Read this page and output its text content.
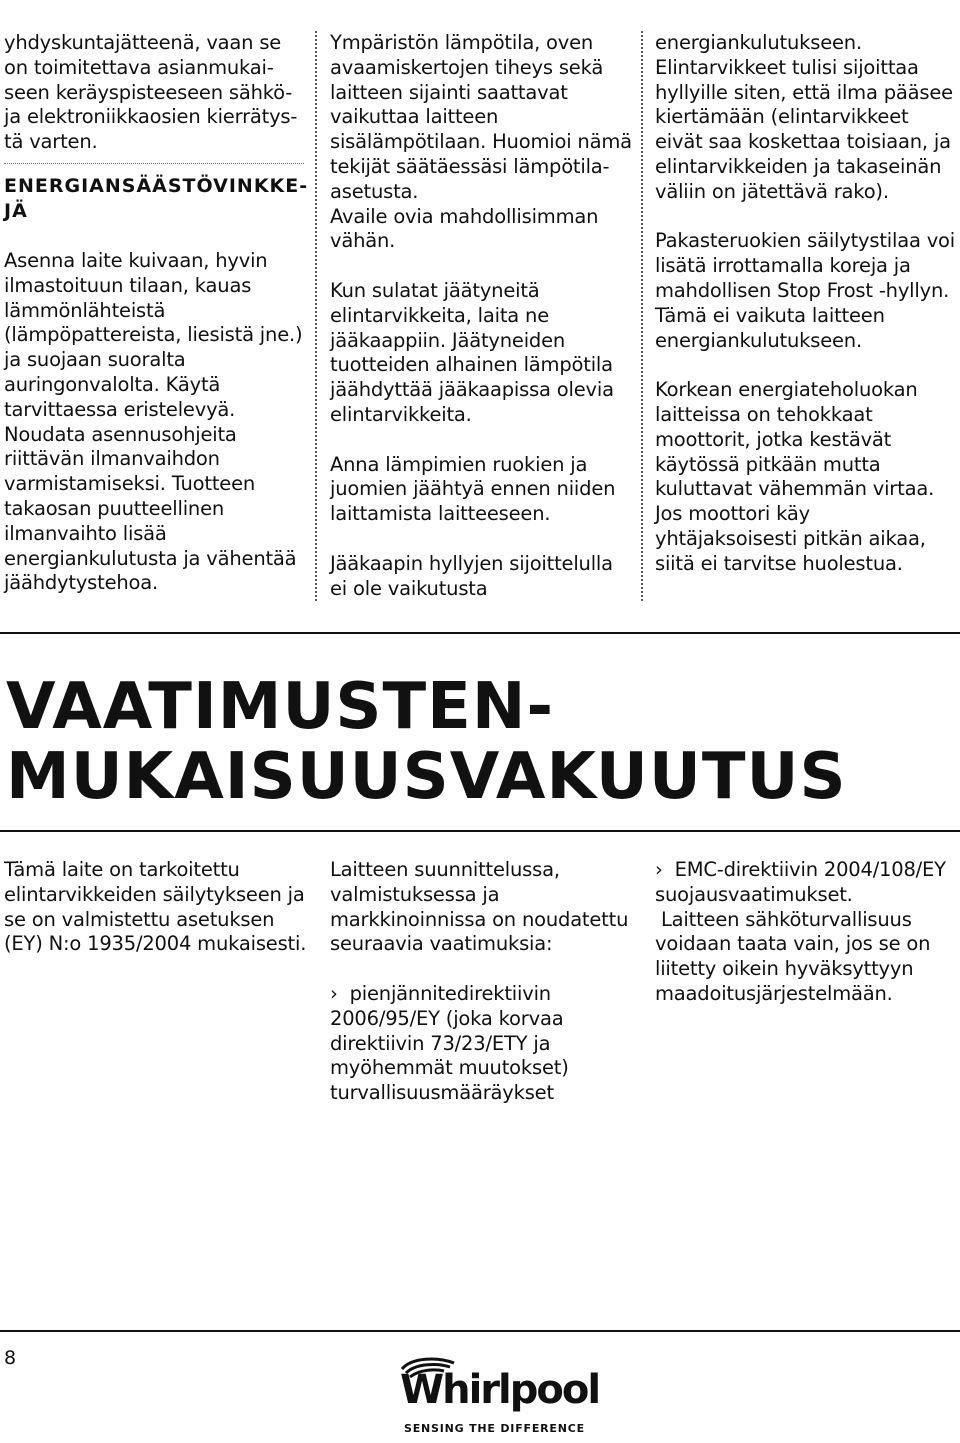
yhdyskuntajätteenä, vaan se
on toimitettava asianmukai-
seen keräyspisteeseen sähkö-
ja elektroniikkaosien kierrätys-
tä varten.
ENERGIANSÄÄSTÖVINKKE-
JÄ
Asenna laite kuivaan, hyvin
ilmastoituun tilaan, kauas
lämmönlähteistä
(lämpöpattereista, liesistä jne.)
ja suojaan suoralta
auringonvalolta. Käytä
tarvittaessa eristelevyä.
Noudata asennusohjeita
riittävän ilmanvaihdon
varmistamiseksi. Tuotteen
takaosan puutteellinen
ilmanvaihto lisää
energiankulutusta ja vähentää
jäähdytystehoa.
Ympäristön lämpötila, oven
avaamiskertojen tiheys sekä
laitteen sijainti saattavat
vaikuttaa laitteen
sisälämpötilaan. Huomioi nämä
tekijät säätäessäsi lämpötila-
asetusta.
Availe ovia mahdollisimman
vähän.
Kun sulatat jäätyneitä
elintarvikkeita, laita ne
jääkaappiin. Jäätyneiden
tuotteiden alhainen lämpötila
jäähdyttää jääkaapissa olevia
elintarvikkeita.
Anna lämpimien ruokien ja
juomien jäähtyä ennen niiden
laittamista laitteeseen.
Jääkaapin hyllyjen sijoittelulla
ei ole vaikutusta
energiankulutukseen.
Elintarvikkeet tulisi sijoittaa
hyllyille siten, että ilma pääsee
kiertämään (elintarvikkeet
eivät saa koskettaa toisiaan, ja
elintarvikkeiden ja takaseinän
väliin on jätettävä rako).
Pakasteruokien säilytystilaa voi
lisätä irrottamalla koreja ja
mahdollisen Stop Frost -hyllyn.
Tämä ei vaikuta laitteen
energiankulutukseen.
Korkean energiateholuokan
laitteissa on tehokkaat
moottorit, jotka kestävät
käytössä pitkään mutta
kuluttavat vähemmän virtaa.
Jos moottori käy
yhtäjaksoisesti pitkän aikaa,
siitä ei tarvitse huolestua.
VAATIMUSTEN-
MUKAISUUSVAKUUTUS
Tämä laite on tarkoitettu
elintarvikkeiden säilytykseen ja
se on valmistettu asetuksen
(EY) N:o 1935/2004 mukaisesti.
Laitteen suunnittelussa,
valmistuksessa ja
markkinoinnissa on noudatettu
seuraavia vaatimuksia:
›  pienjännitedirektiivin
2006/95/EY (joka korvaa
direktiivin 73/23/ETY ja
myöhemmät muutokset)
turvallisuusmääräykset
›  EMC-direktiivin 2004/108/EY
suojausvaatimukset.
Laitteen sähköturvallisuus
voidaan taata vain, jos se on
liitetty oikein hyväksyttyyn
maadoitusjärjestelmään.
8
Whirlpool
SENSING THE DIFFERENCE
